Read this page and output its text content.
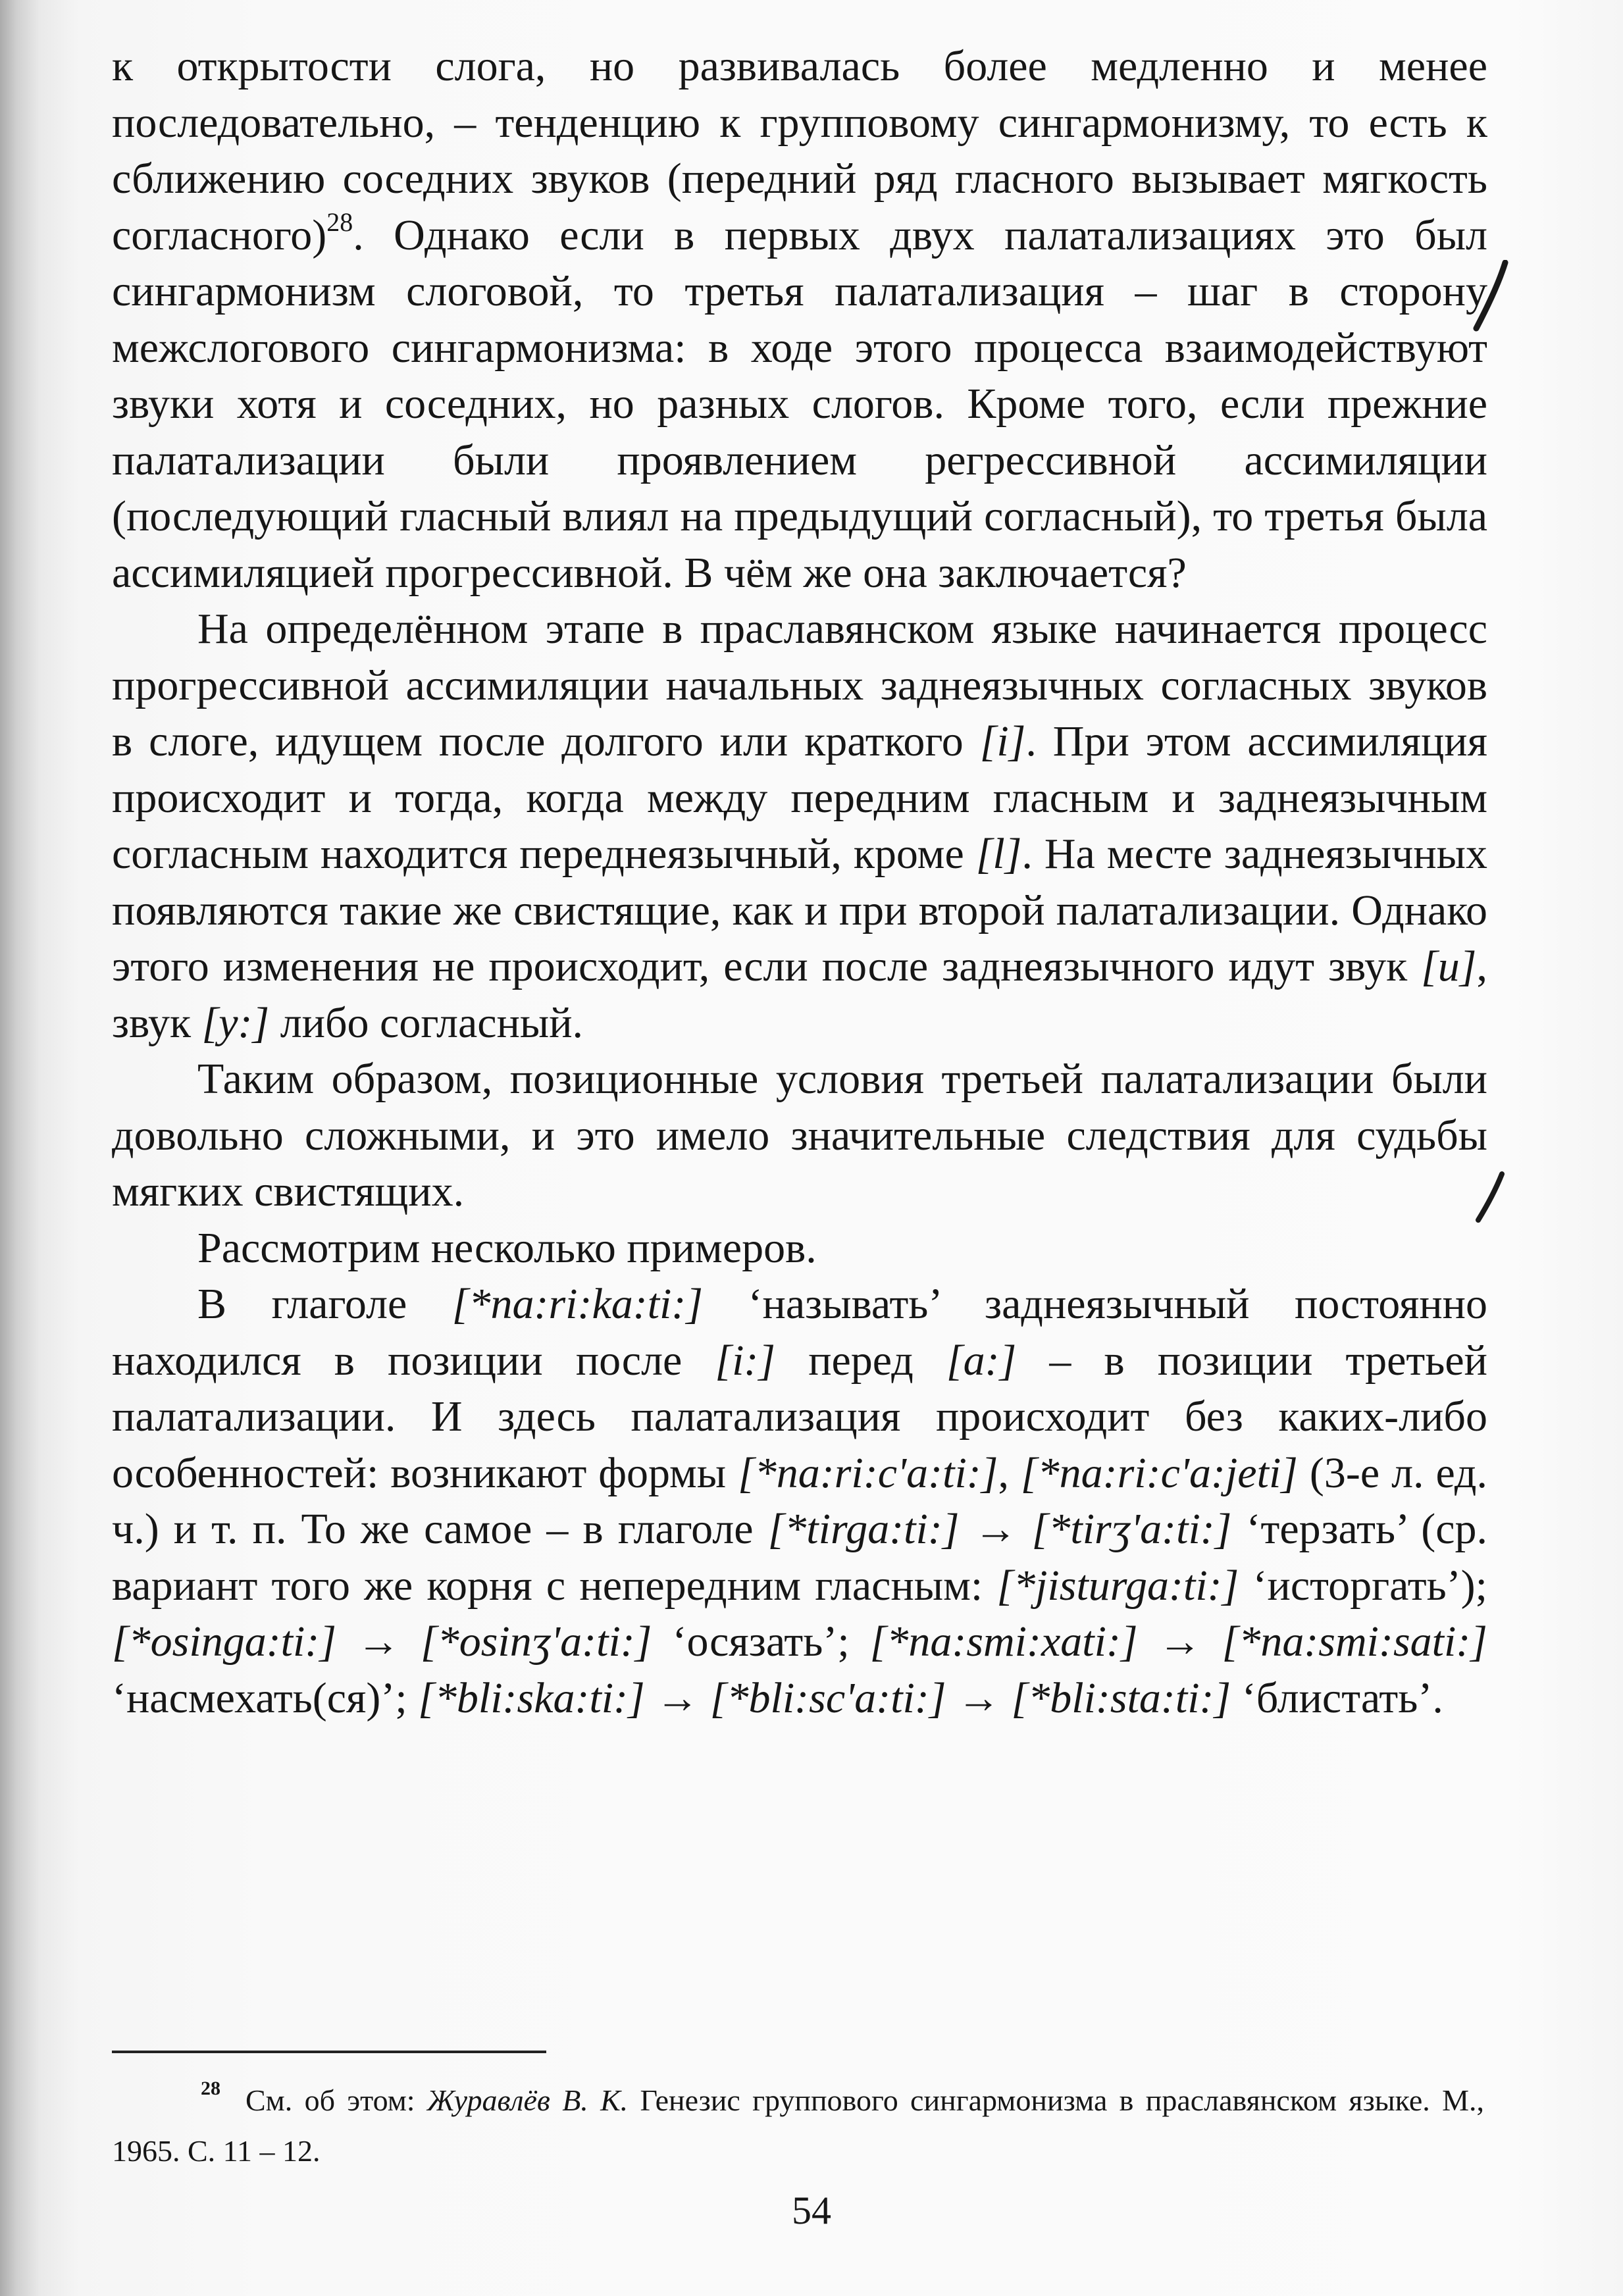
к открытости слога, но развивалась более медленно и менее последовательно, – тенденцию к групповому сингармонизму, то есть к сближению соседних звуков (передний ряд гласного вызывает мягкость согласного)$^{28}$. Однако если в первых двух палатализациях это был сингармонизм слоговой, то третья палатализация – шаг в сторону межслогового сингармонизма: в ходе этого процесса взаимодействуют звуки хотя и соседних, но разных слогов. Кроме того, если прежние палатализации были проявлением регрессивной ассимиляции (последующий гласный влиял на предыдущий согласный), то третья была ассимиляцией прогрессивной. В чём же она заключается?

На определённом этапе в праславянском языке начинается процесс прогрессивной ассимиляции начальных заднеязычных согласных звуков в слоге, идущем после долгого или краткого [i]. При этом ассимиляция происходит и тогда, когда между передним гласным и заднеязычным согласным находится переднеязычный, кроме [l]. На месте заднеязычных появляются такие же свистящие, как и при второй палатализации. Однако этого изменения не происходит, если после заднеязычного идут звук [u], звук [y:] либо согласный.

Таким образом, позиционные условия третьей палатализации были довольно сложными, и это имело значительные следствия для судьбы мягких свистящих.

Рассмотрим несколько примеров.

В глаголе [*na:ri:ka:ti:] ‘называть’ заднеязычный постоянно находился в позиции после [i:] перед [a:] – в позиции третьей палатализации. И здесь палатализация происходит без каких-либо особенностей: возникают формы [*na:ri:c'a:ti:], [*na:ri:c'a:jeti] (3-е л. ед. ч.) и т. п. То же самое – в глаголе [*tirga:ti:] → [*tirʒ'a:ti:] ‘терзать’ (ср. вариант того же корня с непередним гласным: [*jisturga:ti:] ‘исторгать’); [*osinga:ti:] → [*osinʒ'a:ti:] ‘осязать’; [*na:smi:xati:] → [*na:smi:sati:] ‘насмехать(ся)’; [*bli:ska:ti:] → [*bli:sc'a:ti:] → [*bli:sta:ti:] ‘блистать’.

$^{28}$ См. об этом: Журавлёв В. К. Генезис группового сингармонизма в праславянском языке. М., 1965. С. 11 – 12.
54
